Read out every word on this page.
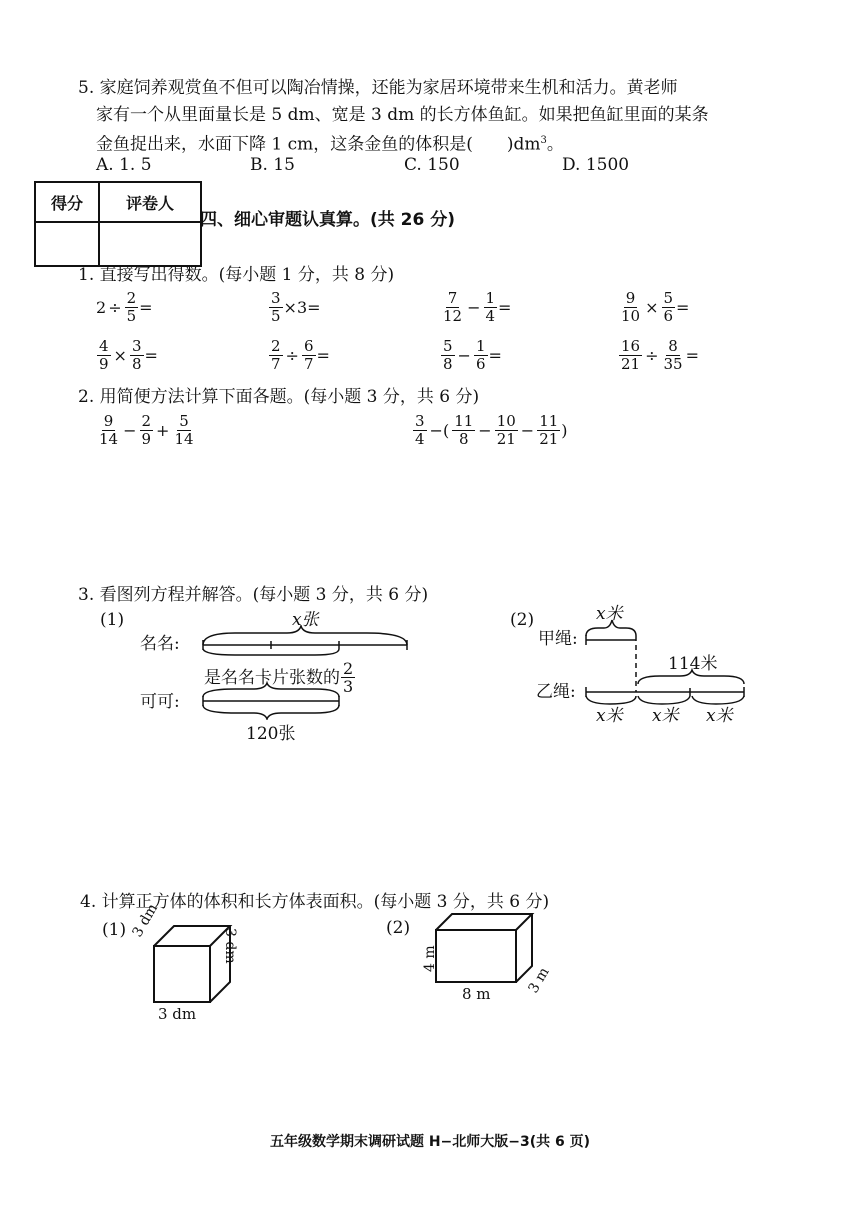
5. 家庭饲养观赏鱼不但可以陶冶情操，还能为家居环境带来生机和活力。黄老师
家有一个从里面量长是 5 dm、宽是 3 dm 的长方体鱼缸。如果把鱼缸里面的某条
金鱼捉出来，水面下降 1 cm，这条金鱼的体积是(　　)$dm^3$。
A. 1. 5	B. 15	C. 150	D. 1500
得分	评卷人

四、细心审题认真算。(共 26 分)
1. 直接写出得数。(每小题 1 分，共 8 分)
$2 \div \frac{2}{5}$ =	$\frac{3}{5} \times 3$ =	$\frac{7}{12} - \frac{1}{4}$ =	$\frac{9}{10} \times \frac{5}{6}$ =
$\frac{4}{9} \times \frac{3}{8}$ =	$\frac{2}{7} \div \frac{6}{7}$ =	$\frac{5}{8} - \frac{1}{6}$ =	$\frac{16}{21} \div \frac{8}{35}$ =
2. 用简便方法计算下面各题。(每小题 3 分，共 6 分)
$\frac{9}{14} - \frac{2}{9} + \frac{5}{14}$	$\frac{3}{4}$ −( $\frac{11}{8} - \frac{10}{21} - \frac{11}{21}$ )
3. 看图列方程并解答。(每小题 3 分，共 6 分)
(1)
名名:
可可:
x张
是名名卡片张数的 $\frac{2}{3}$
120张
(2)
甲绳:
乙绳:
x米
114米
x米 x米 x米
4. 计算正方体的体积和长方体表面积。(每小题 3 分，共 6 分)
(1) 3 dm
3 dm
3 dm
(2)
4 m
8 m 3 m
五年级数学期末调研试题 H−北师大版−3(共 6 页)
